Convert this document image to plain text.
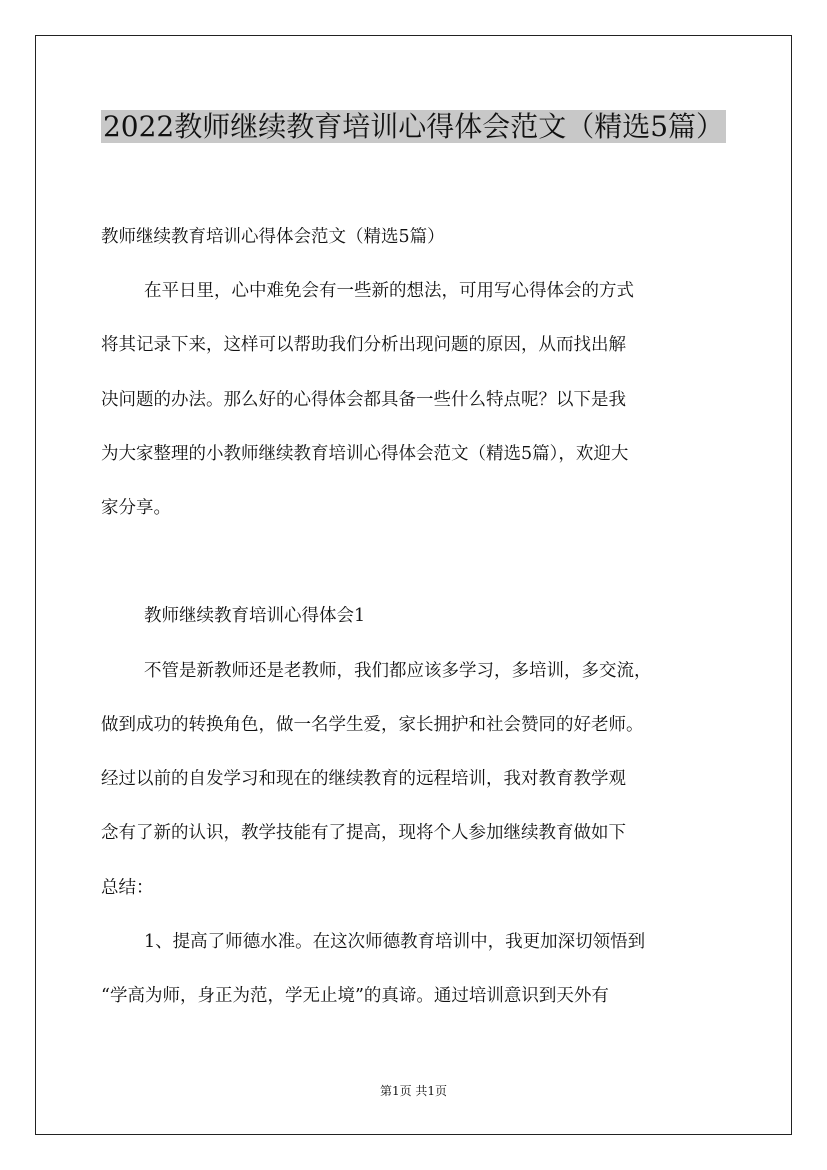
2022教师继续教育培训心得体会范文（精选5篇）
教师继续教育培训心得体会范文（精选5篇）
在平日里，心中难免会有一些新的想法，可用写心得体会的方式
将其记录下来，这样可以帮助我们分析出现问题的原因，从而找出解
决问题的办法。那么好的心得体会都具备一些什么特点呢？以下是我
为大家整理的小教师继续教育培训心得体会范文（精选5篇），欢迎大
家分享。
教师继续教育培训心得体会1
不管是新教师还是老教师，我们都应该多学习，多培训，多交流，
做到成功的转换角色，做一名学生爱，家长拥护和社会赞同的好老师。
经过以前的自发学习和现在的继续教育的远程培训，我对教育教学观
念有了新的认识，教学技能有了提高，现将个人参加继续教育做如下
总结：
1、提高了师德水准。在这次师德教育培训中，我更加深切领悟到
“学高为师，身正为范，学无止境”的真谛。通过培训意识到天外有
第1页 共1页
